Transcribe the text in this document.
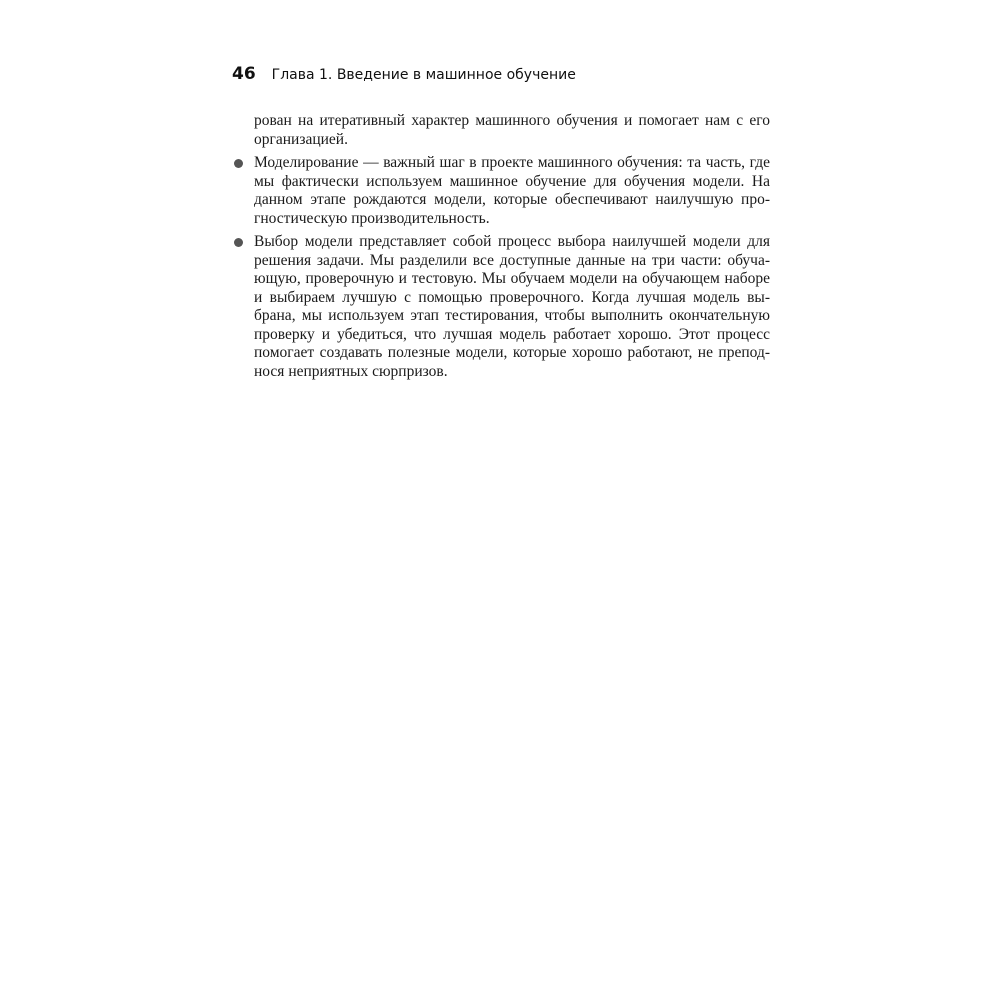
46 Глава 1. Введение в машинное обучение

рован на итеративный характер машинного обучения и помогает нам с его организацией.

Моделирование — важный шаг в проекте машинного обучения: та часть, где мы фактически используем машинное обучение для обучения модели. На данном этапе рождаются модели, которые обеспечивают наилучшую про- гностическую производительность.

Выбор модели представляет собой процесс выбора наилучшей модели для решения задачи. Мы разделили все доступные данные на три части: обуча- ющую, проверочную и тестовую. Мы обучаем модели на обучающем наборе и выбираем лучшую с помощью проверочного. Когда лучшая модель вы- брана, мы используем этап тестирования, чтобы выполнить окончательную проверку и убедиться, что лучшая модель работает хорошо. Этот процесс помогает создавать полезные модели, которые хорошо работают, не препод- нося неприятных сюрпризов.
